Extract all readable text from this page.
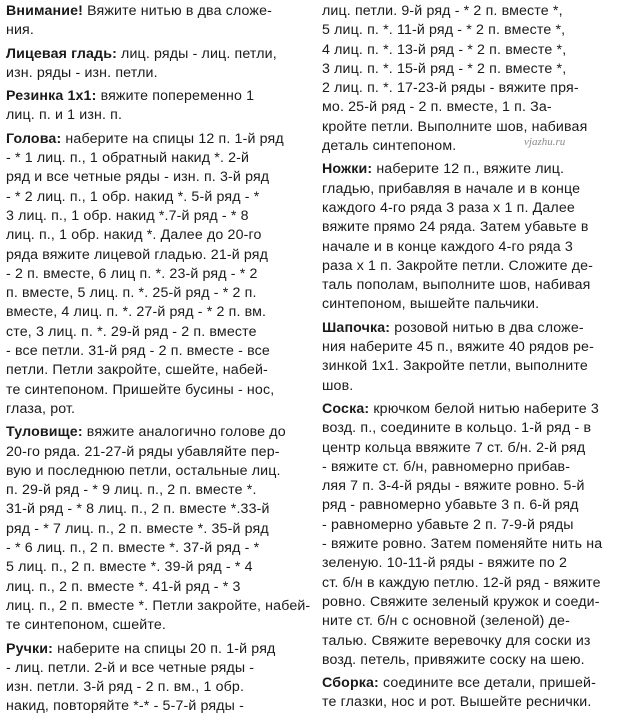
Внимание! Вяжите нитью в два сложе-
ния.
Лицевая гладь: лиц. ряды - лиц. петли,
изн. ряды - изн. петли.
Резинка 1х1: вяжите попеременно 1
лиц. п. и 1 изн. п.
Голова: наберите на спицы 12 п. 1-й ряд
- * 1 лиц. п., 1 обратный накид *. 2-й
ряд и все четные ряды - изн. п. 3-й ряд
- * 2 лиц. п., 1 обр. накид *. 5-й ряд - *
3 лиц. п., 1 обр. накид *.7-й ряд - * 8
лиц. п., 1 обр. накид *. Далее до 20-го
ряда вяжите лицевой гладью. 21-й ряд
- 2 п. вместе, 6 лиц п. *. 23-й ряд - * 2
п. вместе, 5 лиц. п. *. 25-й ряд - * 2 п.
вместе, 4 лиц. п. *. 27-й ряд - * 2 п. вм.
сте, 3 лиц. п. *. 29-й ряд - 2 п. вместе
- все петли. 31-й ряд - 2 п. вместе - все
петли. Петли закройте, сшейте, набей-
те синтепоном. Пришейте бусины - нос,
глаза, рот.
Туловище: вяжите аналогично голове до
20-го ряда. 21-27-й ряды убавляйте пер-
вую и последнюю петли, остальные лиц.
п. 29-й ряд - * 9 лиц. п., 2 п. вместе *.
31-й ряд - * 8 лиц. п., 2 п. вместе *.33-й
ряд - * 7 лиц. п., 2 п. вместе *. 35-й ряд
- * 6 лиц. п., 2 п. вместе *. 37-й ряд - *
5 лиц. п., 2 п. вместе *. 39-й ряд - * 4
лиц. п., 2 п. вместе *. 41-й ряд - * 3
лиц. п., 2 п. вместе *. Петли закройте, набей-
те синтепоном, сшейте.
Ручки: наберите на спицы 20 п. 1-й ряд
- лиц. петли. 2-й и все четные ряды -
изн. петли. 3-й ряд - 2 п. вм., 1 обр.
накид, повторяйте *-* - 5-7-й ряды -
лиц. петли. 9-й ряд - * 2 п. вместе *,
5 лиц. п. *. 11-й ряд - * 2 п. вместе *,
4 лиц. п. *. 13-й ряд - * 2 п. вместе *,
3 лиц. п. *. 15-й ряд - * 2 п. вместе *,
2 лиц. п. *. 17-23-й ряды - вяжите пря-
мо. 25-й ряд - 2 п. вместе, 1 п. За-
кройте петли. Выполните шов, набивая
деталь синтепоном.
Ножки: наберите 12 п., вяжите лиц.
гладью, прибавляя в начале и в конце
каждого 4-го ряда 3 раза х 1 п. Далее
вяжите прямо 24 ряда. Затем убавьте в
начале и в конце каждого 4-го ряда 3
раза х 1 п. Закройте петли. Сложите де-
таль пополам, выполните шов, набивая
синтепоном, вышейте пальчики.
Шапочка: розовой нитью в два сложе-
ния наберите 45 п., вяжите 40 рядов ре-
зинкой 1х1. Закройте петли, выполните
шов.
Соска: крючком белой нитью наберите 3
возд. п., соедините в кольцо. 1-й ряд - в
центр кольца ввяжите 7 ст. б/н. 2-й ряд
- вяжите ст. б/н, равномерно прибав-
ляя 7 п. 3-4-й ряды - вяжите ровно. 5-й
ряд - равномерно убавьте 3 п. 6-й ряд
- равномерно убавьте 2 п. 7-9-й ряды
- вяжите ровно. Затем поменяйте нить на
зеленую. 10-11-й ряды - вяжите по 2
ст. б/н в каждую петлю. 12-й ряд - вяжите
ровно. Свяжите зеленый кружок и соеди-
ните ст. б/н с основной (зеленой) де-
талью. Свяжите веревочку для соски из
возд. петель, привяжите соску на шею.
Сборка: соедините все детали, пришей-
те глазки, нос и рот. Вышейте реснички.
vjazhu.ru
